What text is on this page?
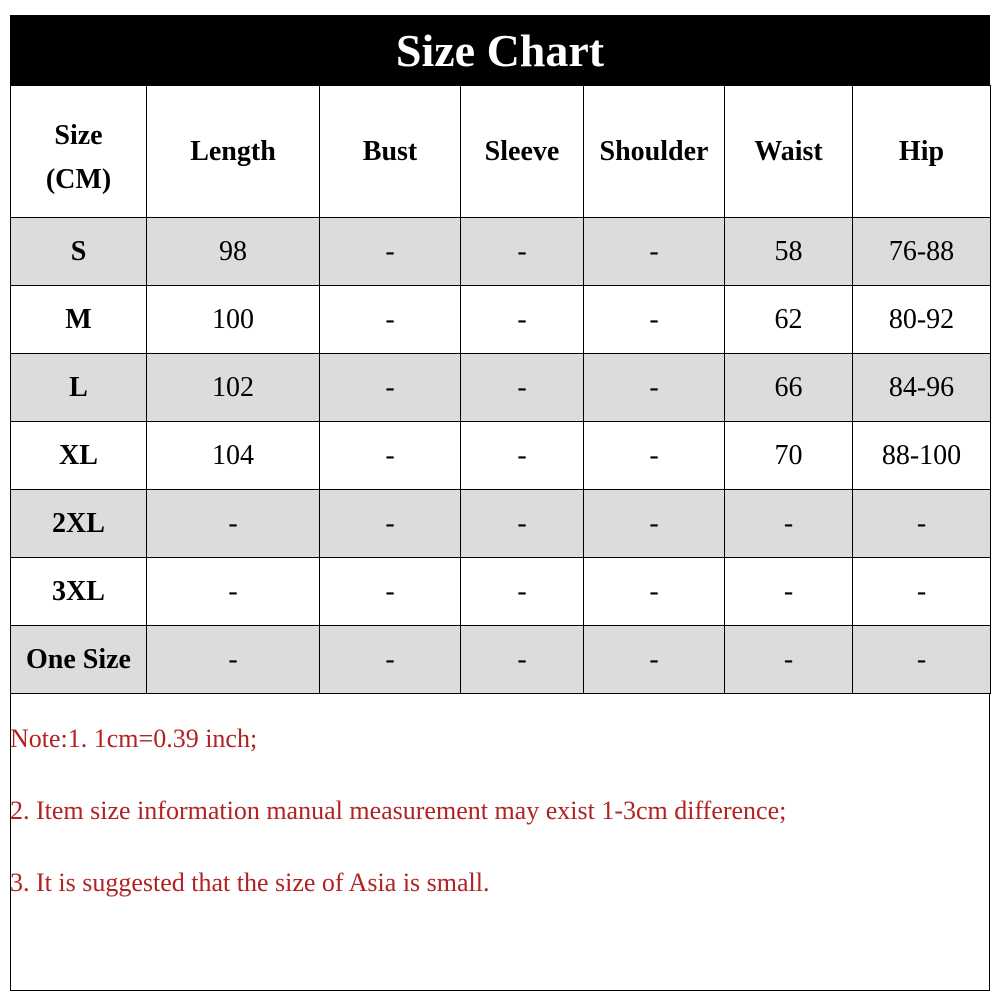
Size Chart
Size
(CM)	Length	Bust	Sleeve	Shoulder	Waist	Hip
S	98	-	-	-	58	76-88
M	100	-	-	-	62	80-92
L	102	-	-	-	66	84-96
XL	104	-	-	-	70	88-100
2XL	-	-	-	-	-	-
3XL	-	-	-	-	-	-
One Size	-	-	-	-	-	-
Note:1. 1cm=0.39 inch;
2. Item size information manual measurement may exist 1-3cm difference;
3. It is suggested that the size of Asia is small.
